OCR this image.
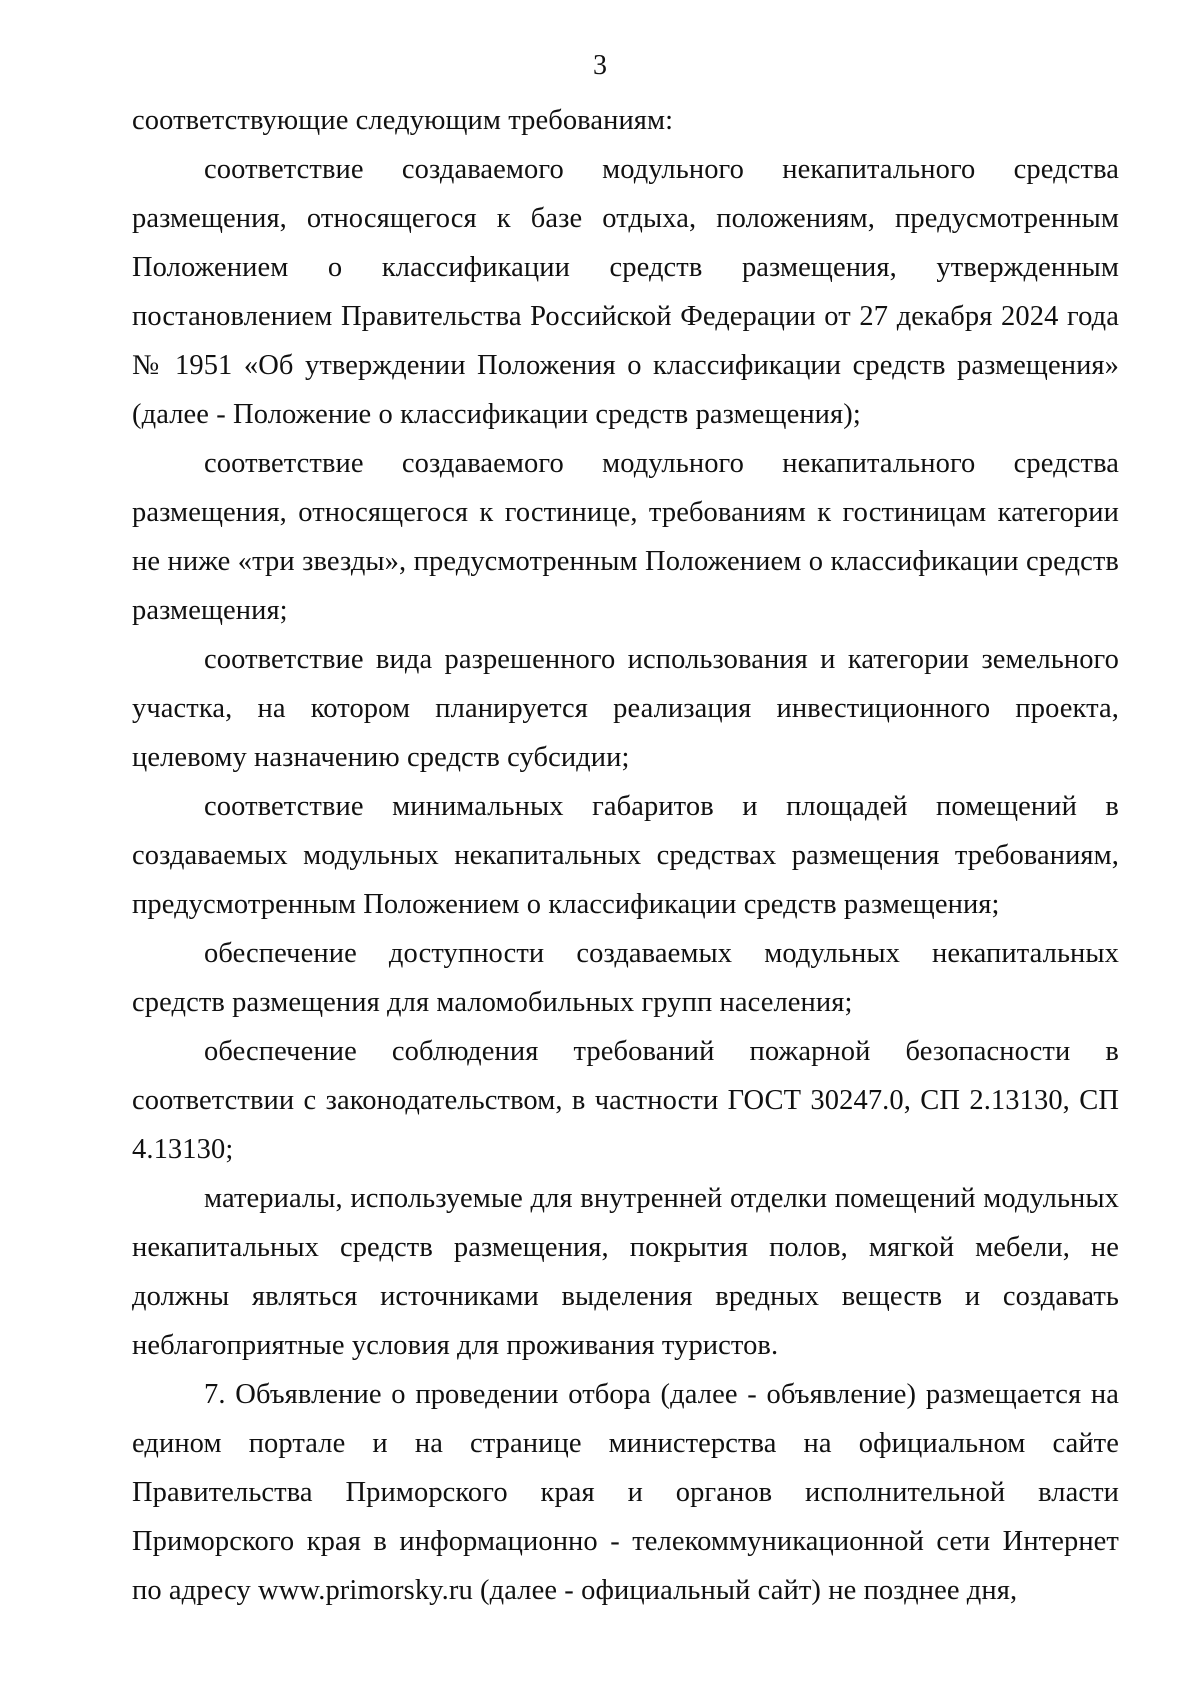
3

соответствующие следующим требованиям:

соответствие создаваемого модульного некапитального средства размещения, относящегося к базе отдыха, положениям, предусмотренным Положением о классификации средств размещения, утвержденным постановлением Правительства Российской Федерации от 27 декабря 2024 года № 1951 «Об утверждении Положения о классификации средств размещения» (далее - Положение о классификации средств размещения);

соответствие создаваемого модульного некапитального средства размещения, относящегося к гостинице, требованиям к гостиницам категории не ниже «три звезды», предусмотренным Положением о классификации средств размещения;

соответствие вида разрешенного использования и категории земельного участка, на котором планируется реализация инвестиционного проекта, целевому назначению средств субсидии;

соответствие минимальных габаритов и площадей помещений в создаваемых модульных некапитальных средствах размещения требованиям, предусмотренным Положением о классификации средств размещения;

обеспечение доступности создаваемых модульных некапитальных средств размещения для маломобильных групп населения;

обеспечение соблюдения требований пожарной безопасности в соответствии с законодательством, в частности ГОСТ 30247.0, СП 2.13130, СП 4.13130;

материалы, используемые для внутренней отделки помещений модульных некапитальных средств размещения, покрытия полов, мягкой мебели, не должны являться источниками выделения вредных веществ и создавать неблагоприятные условия для проживания туристов.

7. Объявление о проведении отбора (далее - объявление) размещается на едином портале и на странице министерства на официальном сайте Правительства Приморского края и органов исполнительной власти Приморского края в информационно - телекоммуникационной сети Интернет по адресу www.primorsky.ru (далее - официальный сайт) не позднее дня,
